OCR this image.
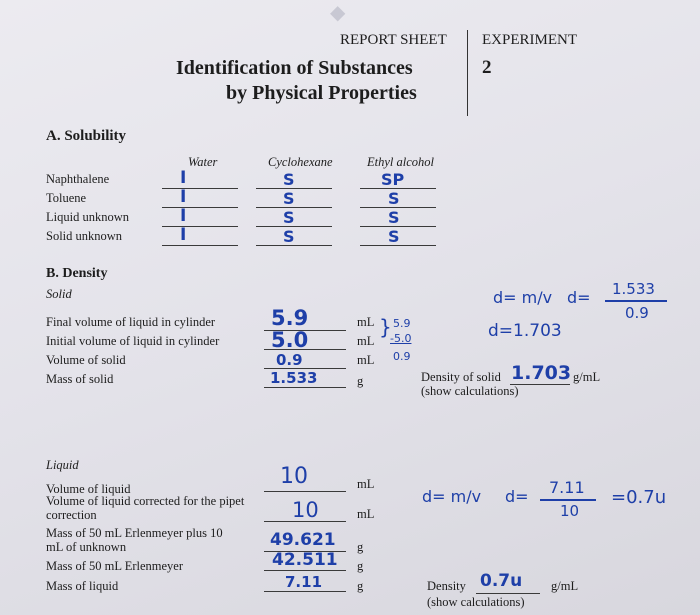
◆
REPORT SHEET EXPERIMENT
2
Identification of Substances
by Physical Properties
A. Solubility
Water	Cyclohexane	Ethyl alcohol
Naphthalene
Toluene
Liquid unknown
Solid unknown
I
I
I
I
S
S
S
S
SP
S
S
S
B. Density
Solid
Final volume of liquid in cylinder
Initial volume of liquid in cylinder
Volume of solid
Mass of solid
5.9
5.0
0.9
1.533
mL
mL
mL
g
} 5.9
-5.0
0.9
d= m/v d= 1.533
0.9
d=1.703
Density of solid 1.703 g/mL
(show calculations)
Liquid
Volume of liquid
Volume of liquid corrected for the pipet correction
Mass of 50 mL Erlenmeyer plus 10 mL of unknown
Mass of 50 mL Erlenmeyer
Mass of liquid
10
10
49.621
42.511
7.11
mL
mL
g
g
g
d= m/v d= 7.11
10
=0.7u
Density 0.7u g/mL
(show calculations)
